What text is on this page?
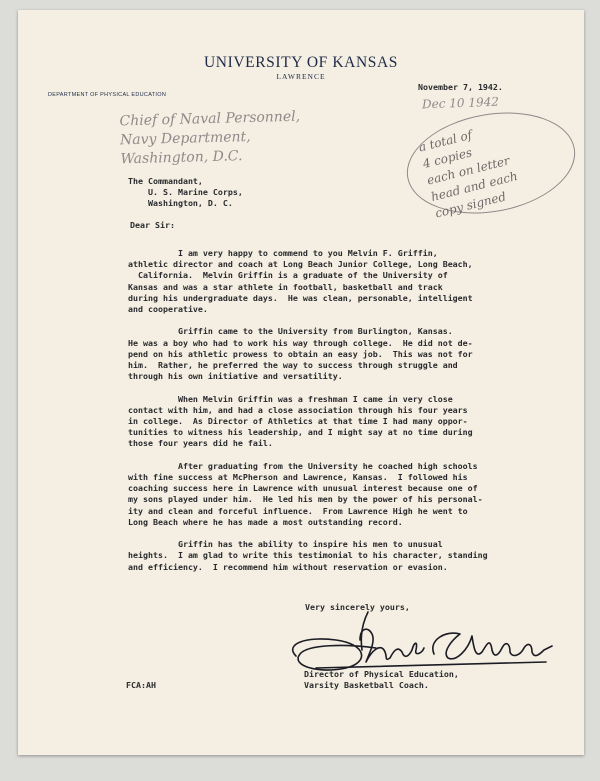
UNIVERSITY OF KANSAS
LAWRENCE
DEPARTMENT OF PHYSICAL EDUCATION
November 7, 1942.
Dec 10 1942
Chief of Naval Personnel,
Navy Department,
Washington, D.C.
a total of
4 copies
each on letter
head and each
copy signed
The Commandant,
U. S. Marine Corps,
Washington, D. C.
Dear Sir:
I am very happy to commend to you Melvin F. Griffin,
athletic director and coach at Long Beach Junior College, Long Beach,
California.  Melvin Griffin is a graduate of the University of
Kansas and was a star athlete in football, basketball and track
during his undergraduate days.  He was clean, personable, intelligent
and cooperative.

Griffin came to the University from Burlington, Kansas.
He was a boy who had to work his way through college.  He did not de-
pend on his athletic prowess to obtain an easy job.  This was not for
him.  Rather, he preferred the way to success through struggle and
through his own initiative and versatility.

When Melvin Griffin was a freshman I came in very close
contact with him, and had a close association through his four years
in college.  As Director of Athletics at that time I had many oppor-
tunities to witness his leadership, and I might say at no time during
those four years did he fail.

After graduating from the University he coached high schools
with fine success at McPherson and Lawrence, Kansas.  I followed his
coaching success here in Lawrence with unusual interest because one of
my sons played under him.  He led his men by the power of his personal-
ity and clean and forceful influence.  From Lawrence High he went to
Long Beach where he has made a most outstanding record.

Griffin has the ability to inspire his men to unusual
heights.  I am glad to write this testimonial to his character, standing
and efficiency.  I recommend him without reservation or evasion.
Very sincerely yours,
Director of Physical Education,
Varsity Basketball Coach.
FCA:AH
